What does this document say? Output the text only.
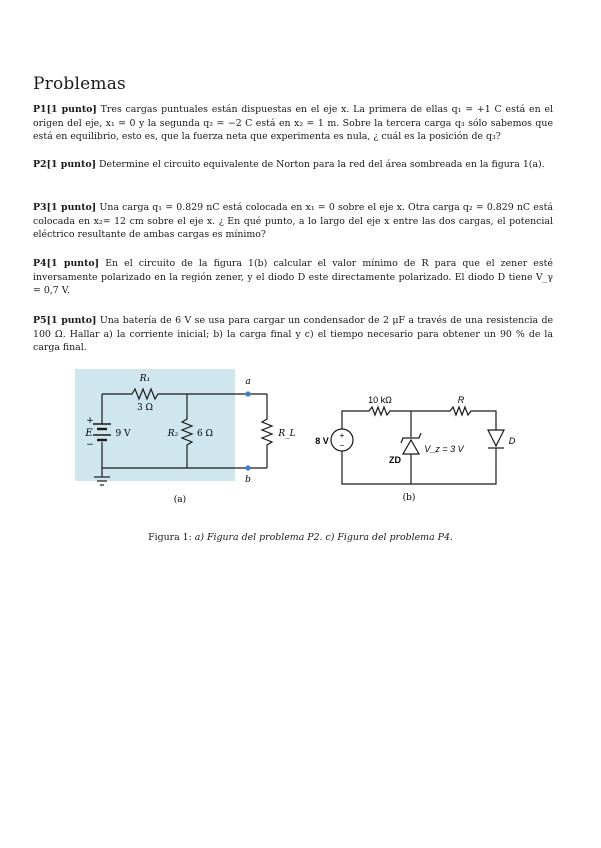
Problemas
P1[1 punto] Tres cargas puntuales están dispuestas en el eje x. La primera de ellas q₁ = +1 C está en el origen del eje, x₁ = 0 y la segunda q₂ = −2 C está en x₂ = 1 m. Sobre la tercera carga q₃ sólo sabemos que está en equilibrio, esto es, que la fuerza neta que experimenta es nula, ¿ cuál es la posición de q₃?
P2[1 punto] Determine el circuito equivalente de Norton para la red del área sombreada en la figura 1(a).
P3[1 punto] Una carga q₁ = 0.829 nC está colocada en x₁ = 0 sobre el eje x. Otra carga q₂ = 0.829 nC está colocada en x₂= 12 cm sobre el eje x. ¿ En qué punto, a lo largo del eje x entre las dos cargas, el potencial eléctrico resultante de ambas cargas es mínimo?
P4[1 punto] En el circuito de la figura 1(b) calcular el valor mínimo de R para que el zener esté inversamente polarizado en la región zener, y el diodo D este directamente polarizado. El diodo D tiene V_γ = 0,7 V.
P5[1 punto] Una batería de 6 V se usa para cargar un condensador de 2 μF a través de una resistencia de 100 Ω. Hallar a) la corriente inicial; b) la carga final y c) el tiempo necesario para obtener un 90 % de la carga final.
R₁
3 Ω
+
−
E	9 V	R₂ 6 Ω	R_L
a
b
(a)
10 kΩ	R
8 V
+
−
ZD
V_z = 3 V
D
(b)
Figura 1: a) Figura del problema P2. c) Figura del problema P4.
